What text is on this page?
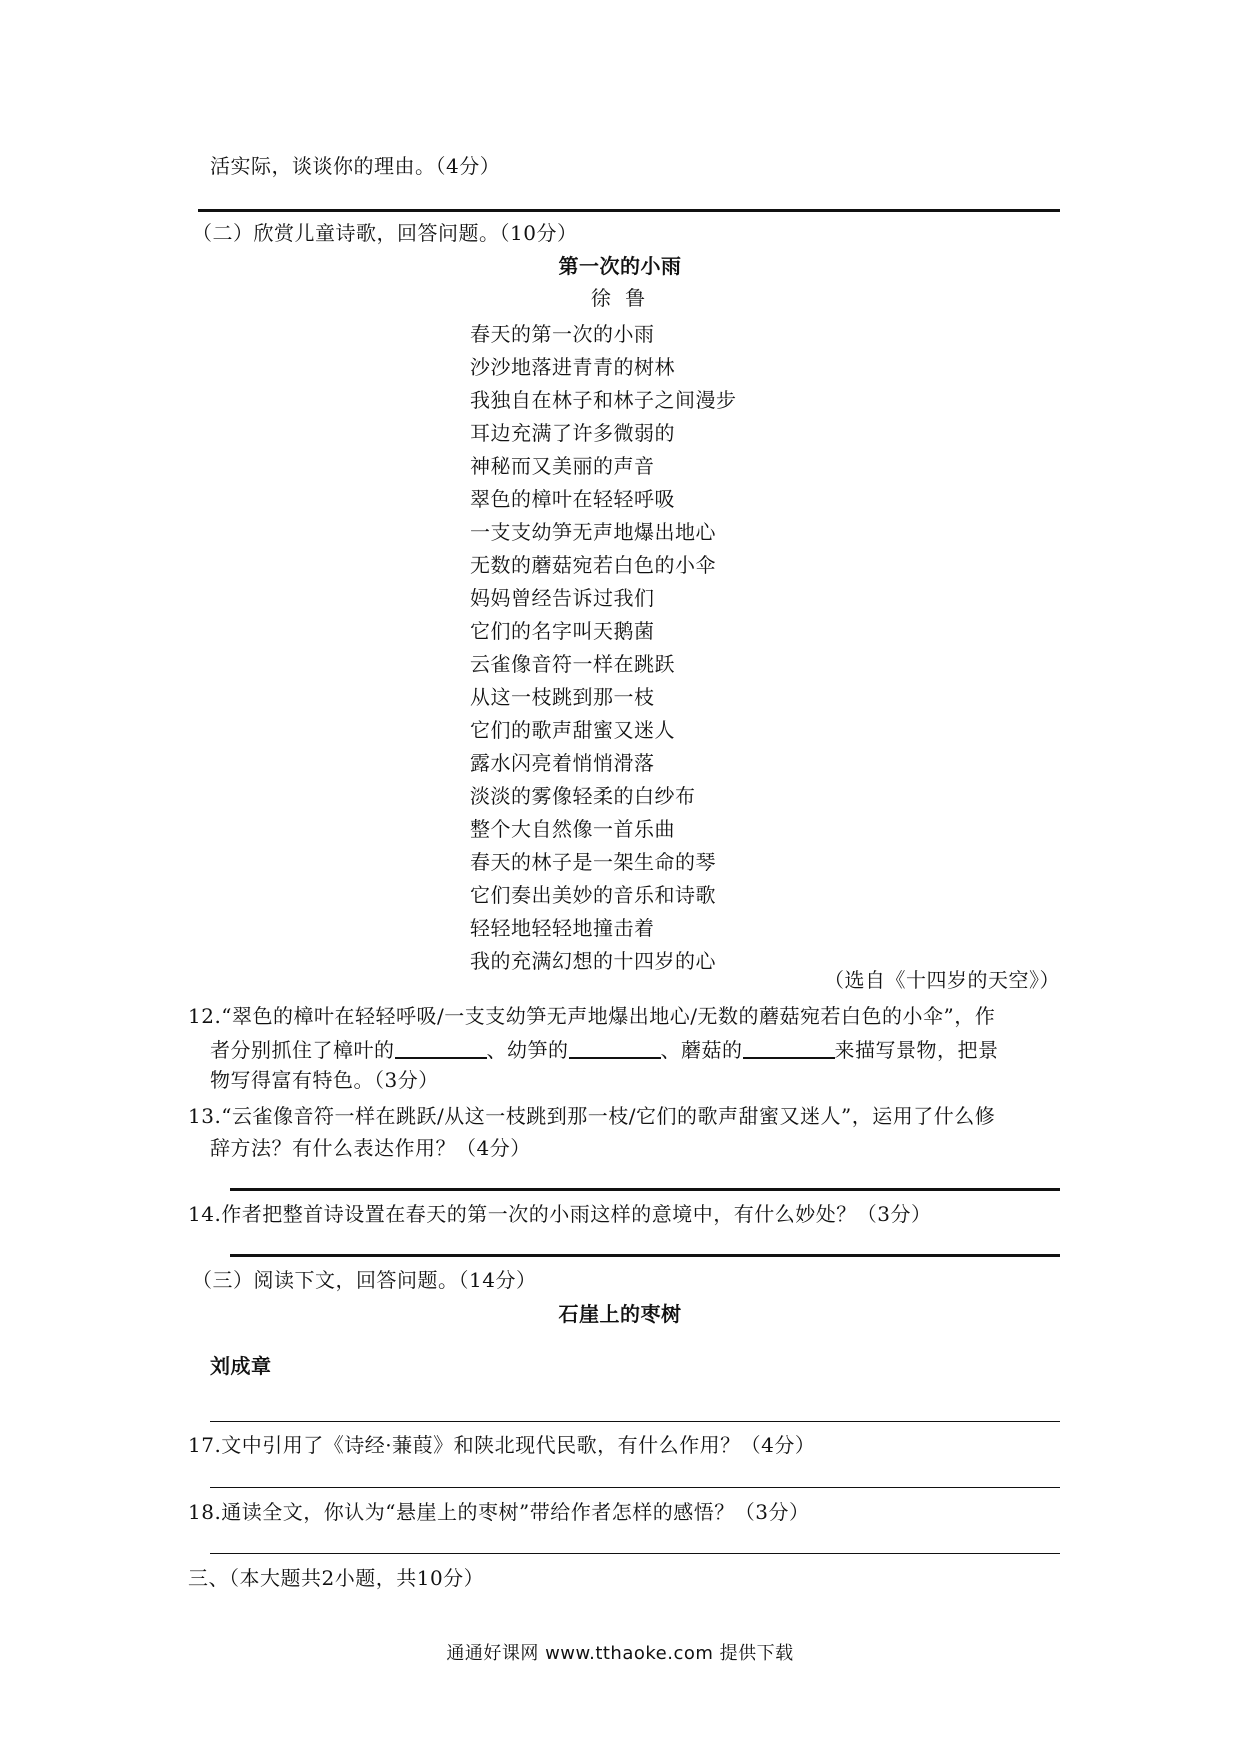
活实际，谈谈你的理由。（4分）
（二）欣赏儿童诗歌，回答问题。（10分）
第一次的小雨
徐 鲁
春天的第一次的小雨
沙沙地落进青青的树林
我独自在林子和林子之间漫步
耳边充满了许多微弱的
神秘而又美丽的声音
翠色的樟叶在轻轻呼吸
一支支幼笋无声地爆出地心
无数的蘑菇宛若白色的小伞
妈妈曾经告诉过我们
它们的名字叫天鹅菌
云雀像音符一样在跳跃
从这一枝跳到那一枝
它们的歌声甜蜜又迷人
露水闪亮着悄悄滑落
淡淡的雾像轻柔的白纱布
整个大自然像一首乐曲
春天的林子是一架生命的琴
它们奏出美妙的音乐和诗歌
轻轻地轻轻地撞击着
我的充满幻想的十四岁的心
（选自《十四岁的天空》）
12.“翠色的樟叶在轻轻呼吸/一支支幼笋无声地爆出地心/无数的蘑菇宛若白色的小伞”，作
者分别抓住了樟叶的	、幼笋的	、蘑菇的	来描写景物，把景
物写得富有特色。（3分）
13.“云雀像音符一样在跳跃/从这一枝跳到那一枝/它们的歌声甜蜜又迷人”，运用了什么修
辞方法？有什么表达作用？（4分）
14.作者把整首诗设置在春天的第一次的小雨这样的意境中，有什么妙处？（3分）
（三）阅读下文，回答问题。（14分）
石崖上的枣树
刘成章
17.文中引用了《诗经·蒹葭》和陕北现代民歌，有什么作用？（4分）
18.通读全文，你认为“悬崖上的枣树”带给作者怎样的感悟？（3分）
三、（本大题共2小题，共10分）
通通好课网 www.tthaoke.com 提供下载
